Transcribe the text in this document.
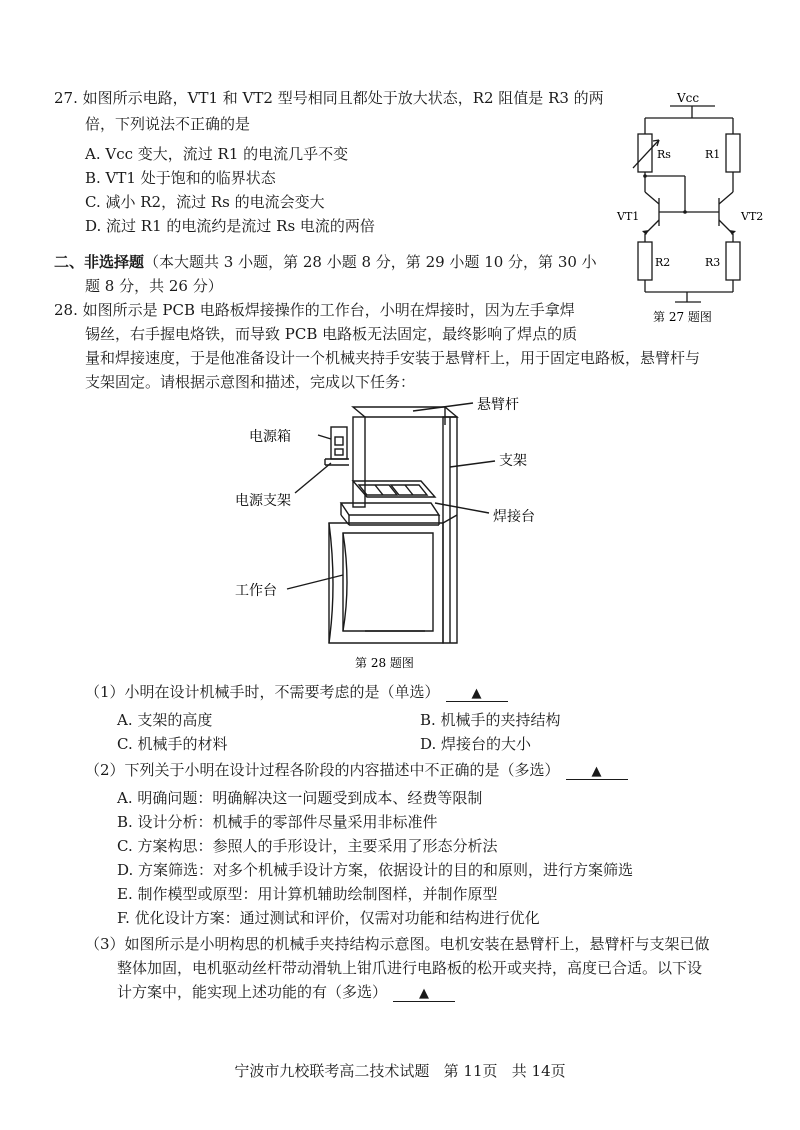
27. 如图所示电路，VT1 和 VT2 型号相同且都处于放大状态，R2 阻值是 R3 的两
倍，下列说法不正确的是
A. Vcc 变大，流过 R1 的电流几乎不变
B. VT1 处于饱和的临界状态
C. 减小 R2，流过 Rs 的电流会变大
D. 流过 R1 的电流约是流过 Rs 电流的两倍
Vcc
Rs	R1
VT1	VT2
R2	R3
第 27 题图
二、非选择题（本大题共 3 小题，第 28 小题 8 分，第 29 小题 10 分，第 30 小
题 8 分，共 26 分）
28. 如图所示是 PCB 电路板焊接操作的工作台，小明在焊接时，因为左手拿焊
锡丝，右手握电烙铁，而导致 PCB 电路板无法固定，最终影响了焊点的质
量和焊接速度，于是他准备设计一个机械夹持手安装于悬臂杆上，用于固定电路板，悬臂杆与
支架固定。请根据示意图和描述，完成以下任务：
悬臂杆
电源箱
支架
电源支架
焊接台
工作台
第 28 题图
（1）小明在设计机械手时，不需要考虑的是（单选） ▲
A. 支架的高度	B. 机械手的夹持结构
C. 机械手的材料	D. 焊接台的大小
（2）下列关于小明在设计过程各阶段的内容描述中不正确的是（多选） ▲
A. 明确问题：明确解决这一问题受到成本、经费等限制
B. 设计分析：机械手的零部件尽量采用非标准件
C. 方案构思：参照人的手形设计，主要采用了形态分析法
D. 方案筛选：对多个机械手设计方案，依据设计的目的和原则，进行方案筛选
E. 制作模型或原型：用计算机辅助绘制图样，并制作原型
F. 优化设计方案：通过测试和评价，仅需对功能和结构进行优化
（3）如图所示是小明构思的机械手夹持结构示意图。电机安装在悬臂杆上，悬臂杆与支架已做
整体加固，电机驱动丝杆带动滑轨上钳爪进行电路板的松开或夹持，高度已合适。以下设
计方案中，能实现上述功能的有（多选） ▲
宁波市九校联考高二技术试题   第 11页   共 14页
